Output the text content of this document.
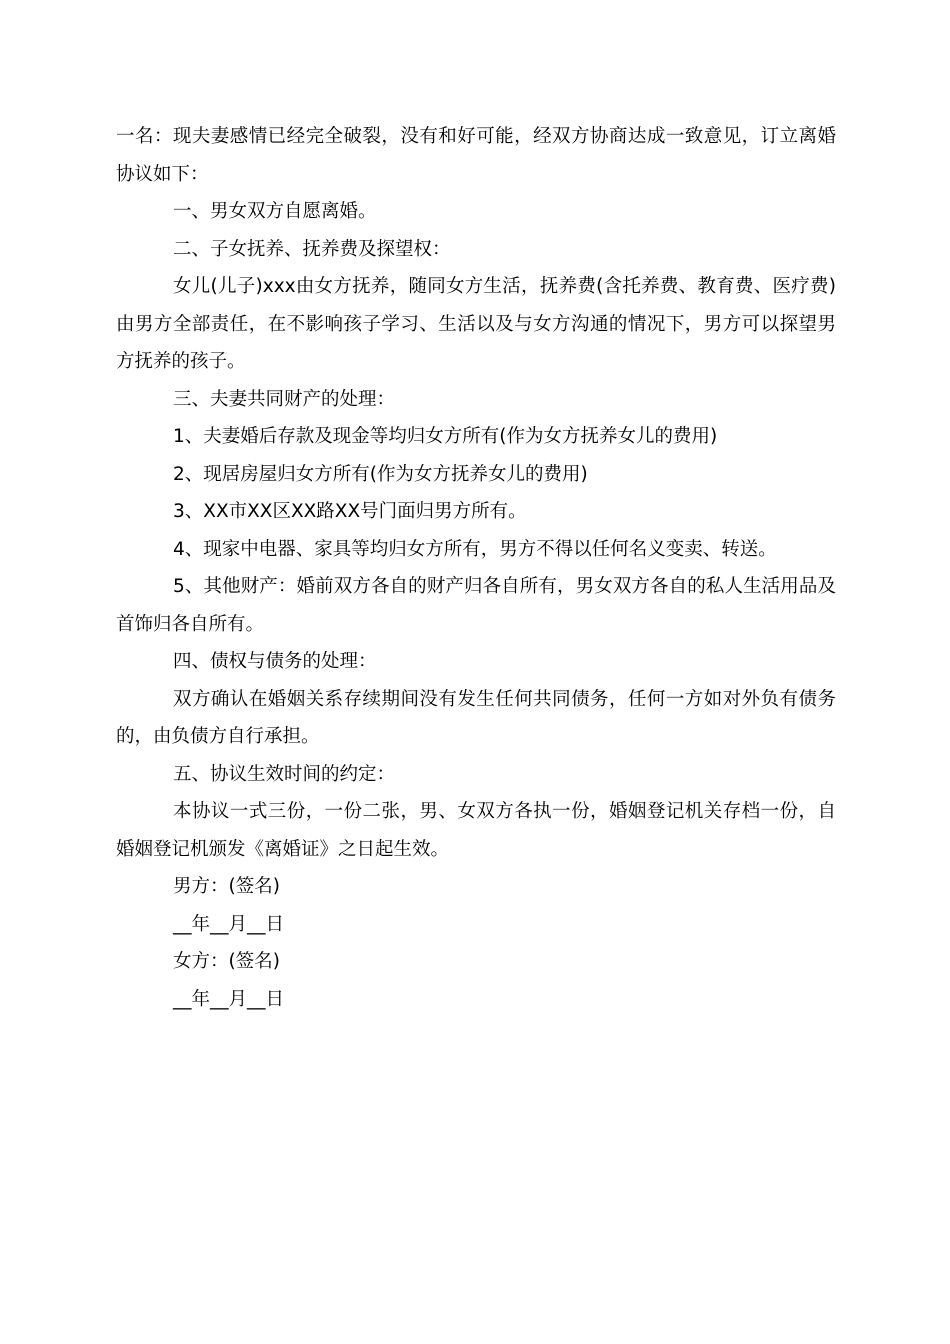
一名：现夫妻感情已经完全破裂，没有和好可能，经双方协商达成一致意见，订立离婚协议如下：

一、男女双方自愿离婚。

二、子女抚养、抚养费及探望权：

女儿(儿子)xxx由女方抚养，随同女方生活，抚养费(含托养费、教育费、医疗费)由男方全部责任，在不影响孩子学习、生活以及与女方沟通的情况下，男方可以探望男方抚养的孩子。

三、夫妻共同财产的处理：

1、夫妻婚后存款及现金等均归女方所有(作为女方抚养女儿的费用)

2、现居房屋归女方所有(作为女方抚养女儿的费用)

3、XX市XX区XX路XX号门面归男方所有。

4、现家中电器、家具等均归女方所有，男方不得以任何名义变卖、转送。

5、其他财产：婚前双方各自的财产归各自所有，男女双方各自的私人生活用品及首饰归各自所有。

四、债权与债务的处理：

双方确认在婚姻关系存续期间没有发生任何共同债务，任何一方如对外负有债务的，由负债方自行承担。

五、协议生效时间的约定：

本协议一式三份，一份二张，男、女双方各执一份，婚姻登记机关存档一份，自婚姻登记机颁发《离婚证》之日起生效。

男方：(签名)

__年__月__日

女方：(签名)

__年__月__日
